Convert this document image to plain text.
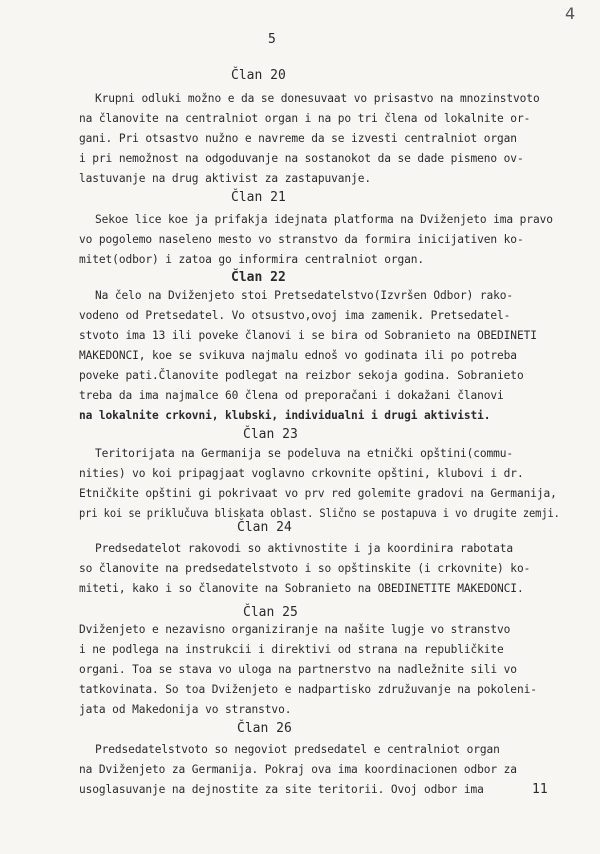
4
5
Član 20
Krupni odluki možno e da se donesuvaat vo prisastvo na mnozinstvoto
na članovite na centralniot organ i na po tri člena od lokalnite or-
gani. Pri otsastvo nužno e navreme da se izvesti centralniot organ
i pri nemožnost na odgoduvanje na sostanokot da se dade pismeno ov-
lastuvanje na drug aktivist za zastapuvanje.
Član 21
Sekoe lice koe ja prifakja idejnata platforma na Dviženjeto ima pravo
vo pogolemo naseleno mesto vo stranstvo da formira inicijativen ko-
mitet(odbor) i zatoa go informira centralniot organ.
Član 22
Na čelo na Dviženjeto stoi Pretsedatelstvo(Izvršen Odbor) rako-
vodeno od Pretsedatel. Vo otsustvo,ovoj ima zamenik. Pretsedatel-
stvoto ima 13 ili poveke članovi i se bira od Sobranieto na OBEDINETI
MAKEDONCI, koe se svikuva najmalu ednoš vo godinata ili po potreba
poveke pati.Članovite podlegat na reizbor sekoja godina. Sobranieto
treba da ima najmalce 60 člena od preporačani i dokažani članovi
na lokalnite crkovni, klubski, individualni i drugi aktivisti.
Član 23
Teritorijata na Germanija se podeluva na etnički opštini(commu-
nities) vo koi pripagjaat voglavno crkovnite opštini, klubovi i dr.
Etničkite opštini gi pokrivaat vo prv red golemite gradovi na Germanija,
pri koi se priklučuva bliskata oblast. Slično se postapuva i vo drugite zemji.
Član 24
Predsedatelot rakovodi so aktivnostite i ja koordinira rabotata
so članovite na predsedatelstvoto i so opštinskite (i crkovnite) ko-
miteti, kako i so članovite na Sobranieto na OBEDINETITE MAKEDONCI.
Član 25
Dviženjeto e nezavisno organiziranje na našite lugje vo stranstvo
i ne podlega na instrukcii i direktivi od strana na republičkite
organi. Toa se stava vo uloga na partnerstvo na nadležnite sili vo
tatkovinata. So toa Dviženjeto e nadpartisko združuvanje na pokoleni-
jata od Makedonija vo stranstvo.
Član 26
Predsedatelstvoto so negoviot predsedatel e centralniot organ
na Dviženjeto za Germanija. Pokraj ova ima koordinacionen odbor za
usoglasuvanje na dejnostite za site teritorii. Ovoj odbor ima	11
